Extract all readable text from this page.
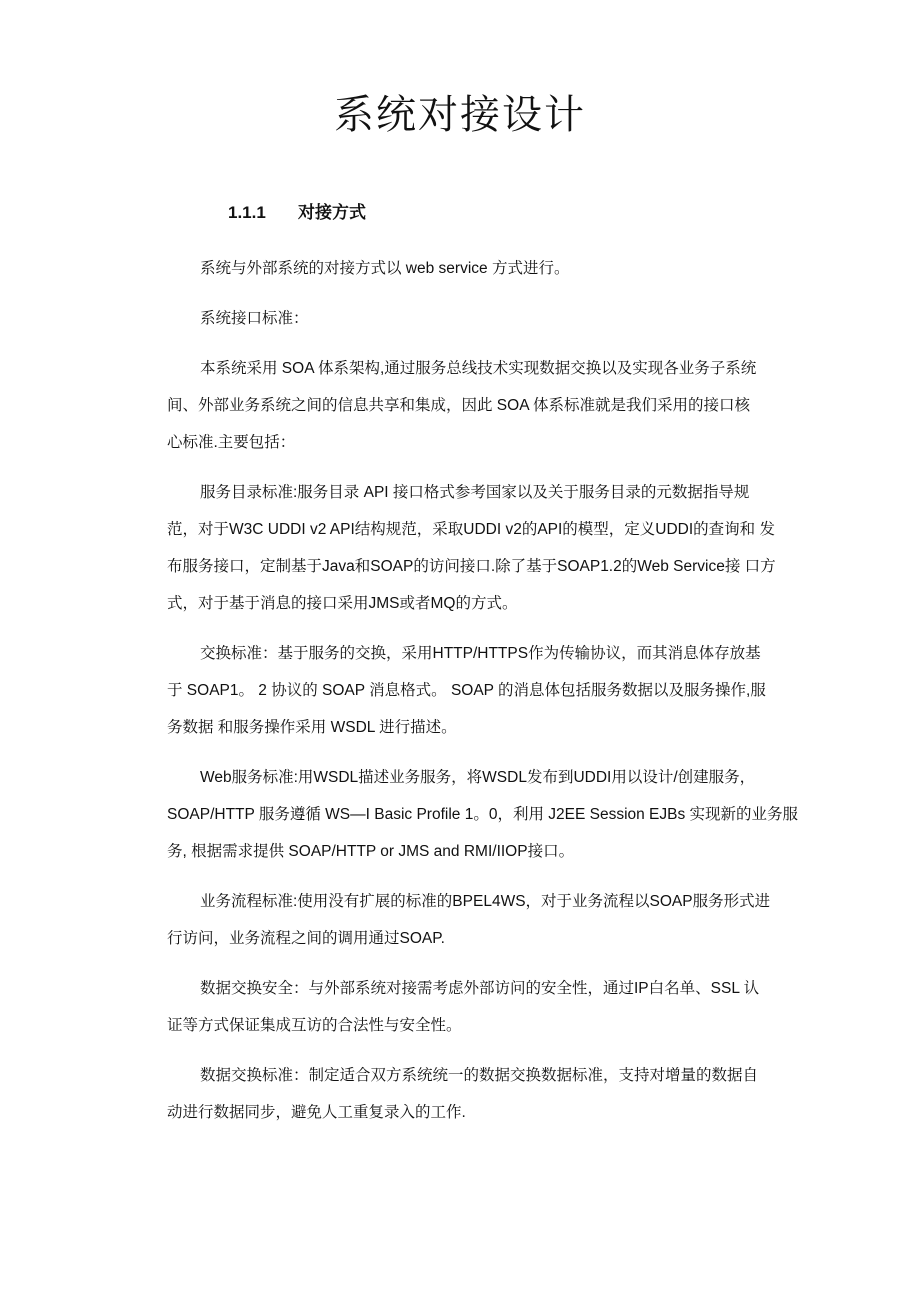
系统对接设计
1.1.1 对接方式

系统与外部系统的对接方式以 web service 方式进行。

系统接口标准：

本系统采用 SOA 体系架构,通过服务总线技术实现数据交换以及实现各业务子系统
间、外部业务系统之间的信息共享和集成，因此 SOA 体系标准就是我们采用的接口核
心标准.主要包括：

服务目录标准:服务目录 API 接口格式参考国家以及关于服务目录的元数据指导规
范，对于W3C UDDI v2 API结构规范，采取UDDI v2的API的模型，定义UDDI的查询和 发
布服务接口，定制基于Java和SOAP的访问接口.除了基于SOAP1.2的Web Service接 口方
式，对于基于消息的接口采用JMS或者MQ的方式。

交换标准：基于服务的交换，采用HTTP/HTTPS作为传输协议，而其消息体存放基
于 SOAP1。 2 协议的 SOAP 消息格式。 SOAP 的消息体包括服务数据以及服务操作,服
务数据 和服务操作采用 WSDL 进行描述。

Web服务标准:用WSDL描述业务服务，将WSDL发布到UDDI用以设计/创建服务，
SOAP/HTTP 服务遵循 WS—I Basic Profile 1。0，利用 J2EE Session EJBs 实现新的业务服
务, 根据需求提供 SOAP/HTTP or JMS and RMI/IIOP接口。

业务流程标准:使用没有扩展的标准的BPEL4WS，对于业务流程以SOAP服务形式进
行访问，业务流程之间的调用通过SOAP.

数据交换安全：与外部系统对接需考虑外部访问的安全性，通过IP白名单、SSL 认
证等方式保证集成互访的合法性与安全性。

数据交换标准：制定适合双方系统统一的数据交换数据标准，支持对增量的数据自
动进行数据同步，避免人工重复录入的工作.
